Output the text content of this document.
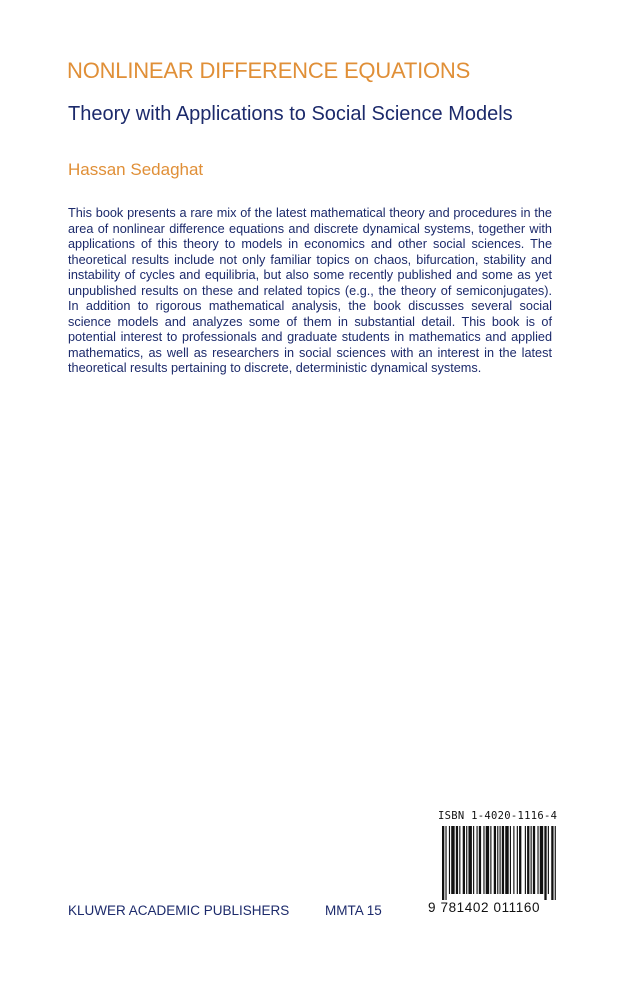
NONLINEAR DIFFERENCE EQUATIONS
Theory with Applications to Social Science Models
Hassan Sedaghat

This book presents a rare mix of the latest mathematical theory and procedures in the area of nonlinear difference equations and discrete dynamical systems, together with applications of this theory to models in economics and other social sciences. The theoretical results include not only familiar topics on chaos, bifurcation, stability and instability of cycles and equilibria, but also some recently published and some as yet unpublished results on these and related topics (e.g., the theory of semiconjugates). In addition to rigorous mathematical analysis, the book discusses several social science models and analyzes some of them in substantial detail. This book is of potential interest to professionals and graduate students in mathematics and applied mathematics, as well as researchers in social sciences with an interest in the latest theoretical results pertaining to discrete, deterministic dynamical systems.

KLUWER ACADEMIC PUBLISHERS	MMTA 15
ISBN 1-4020-1116-4
9 781402 011160
